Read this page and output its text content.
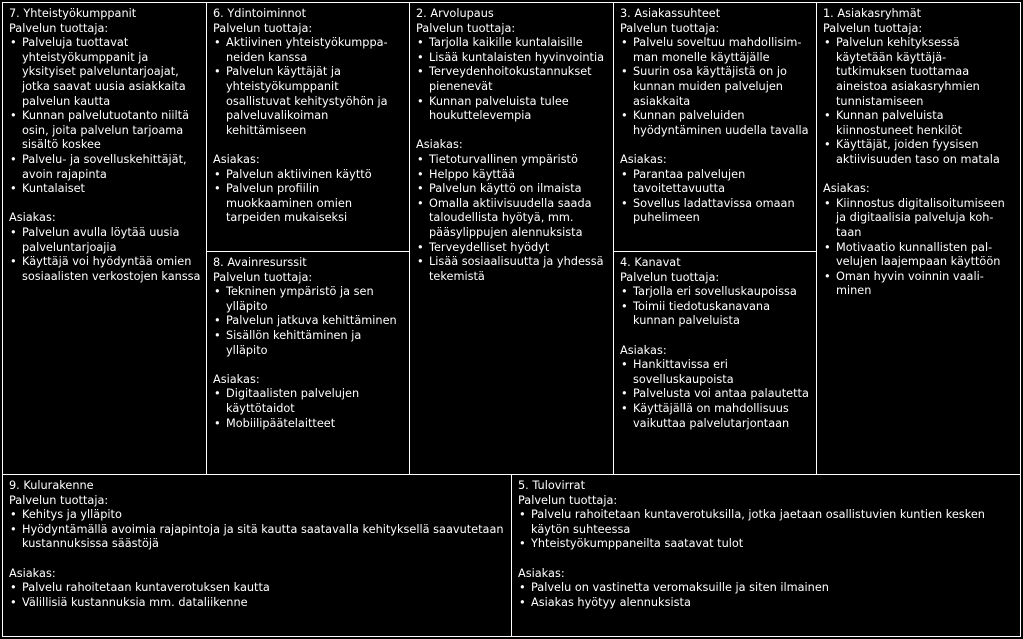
7. Yhteistyökumppanit
Palvelun tuottaja:
• Palveluja tuottavat yhteistyökumppanit ja yksityiset palveluntarjoajat, jotka saavat uusia asiakkaita palvelun kautta
• Kunnan palvelutuotanto niiltä osin, joita palvelun tarjoama sisältö koskee
• Palvelu- ja sovelluskehittäjät, avoin rajapinta
• Kuntalaiset
Asiakas:
• Palvelun avulla löytää uusia palveluntarjoajia
• Käyttäjä voi hyödyntää omien sosiaalisten verkostojen kanssa
6. Ydintoiminnot
Palvelun tuottaja:
• Aktiivinen yhteistyökumppa- neiden kanssa
• Palvelun käyttäjät ja yhteistyökumppanit osallistuvat kehitystyöhön ja palveluvalikoiman kehittämiseen
Asiakas:
• Palvelun aktiivinen käyttö
• Palvelun profiilin muokkaaminen omien tarpeiden mukaiseksi
8. Avainresurssit
Palvelun tuottaja:
• Tekninen ympäristö ja sen ylläpito
• Palvelun jatkuva kehittäminen
• Sisällön kehittäminen ja ylläpito
Asiakas:
• Digitaalisten palvelujen käyttötaidot
• Mobiilipäätelaitteet
2. Arvolupaus
Palvelun tuottaja:
• Tarjolla kaikille kuntalaisille
• Lisää kuntalaisten hyvinvointia
• Terveydenhoitokustannukset pienenevät
• Kunnan palveluista tulee houkuttelevempia
Asiakas:
• Tietoturvallinen ympäristö
• Helppo käyttää
• Palvelun käyttö on ilmaista
• Omalla aktiivisuudella saada taloudellista hyötyä, mm. pääsylippujen alennuksista
• Terveydelliset hyödyt
• Lisää sosiaalisuutta ja yhdessä tekemistä
3. Asiakassuhteet
Palvelun tuottaja:
• Palvelu soveltuu mahdollisim- man monelle käyttäjälle
• Suurin osa käyttäjistä on jo kunnan muiden palvelujen asiakkaita
• Kunnan palveluiden hyödyntäminen uudella tavalla
Asiakas:
• Parantaa palvelujen tavoitettavuutta
• Sovellus ladattavissa omaan puhelimeen
4. Kanavat
Palvelun tuottaja:
• Tarjolla eri sovelluskaupoissa
• Toimii tiedotuskanavana kunnan palveluista
Asiakas:
• Hankittavissa eri sovelluskaupoista
• Palvelusta voi antaa palautetta
• Käyttäjällä on mahdollisuus vaikuttaa palvelutarjontaan
1. Asiakasryhmät
Palvelun tuottaja:
• Palvelun kehityksessä käytetään käyttäjä- tutkimuksen tuottamaa aineistoa asiakasryhmien tunnistamiseen
• Kunnan palveluista kiinnostuneet henkilöt
• Käyttäjät, joiden fyysisen aktiivisuuden taso on matala
Asiakas:
• Kiinnostus digitalisoitumiseen ja digitaalisia palveluja koh- taan
• Motivaatio kunnallisten pal- velujen laajempaan käyttöön
• Oman hyvin voinnin vaali- minen
9. Kulurakenne
Palvelun tuottaja:
• Kehitys ja ylläpito
• Hyödyntämällä avoimia rajapintoja ja sitä kautta saatavalla kehityksellä saavutetaan kustannuksissa säästöjä
Asiakas:
• Palvelu rahoitetaan kuntaverotuksen kautta
• Välillisiä kustannuksia mm. dataliikenne
5. Tulovirrat
Palvelun tuottaja:
• Palvelu rahoitetaan kuntaverotuksilla, jotka jaetaan osallistuvien kuntien kesken käytön suhteessa
• Yhteistyökumppaneilta saatavat tulot
Asiakas:
• Palvelu on vastinetta veromaksuille ja siten ilmainen
• Asiakas hyötyy alennuksista
